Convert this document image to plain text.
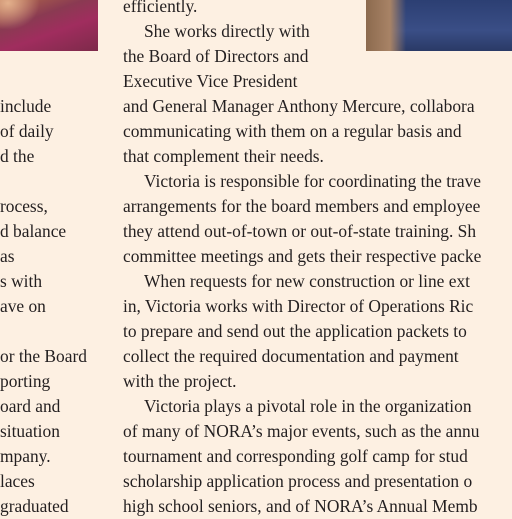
include

of daily

d the

rocess,

d balance

as

s with

ave on

or the Board

porting

oard and

situation

mpany.

laces

graduated

efficiently.

She works directly with

the Board of Directors and

Executive Vice President

and General Manager Anthony Mercure, collabora

communicating with them on a regular basis and

that complement their needs.

Victoria is responsible for coordinating the trave

arrangements for the board members and employee

they attend out-of-town or out-of-state training. Sh

committee meetings and gets their respective packe

When requests for new construction or line ext

in, Victoria works with Director of Operations Ric

to prepare and send out the application packets to

collect the required documentation and payment

with the project.

Victoria plays a pivotal role in the organization

of many of NORA’s major events, such as the annu

tournament and corresponding golf camp for stud

scholarship application process and presentation o

high school seniors, and of NORA’s Annual Memb
